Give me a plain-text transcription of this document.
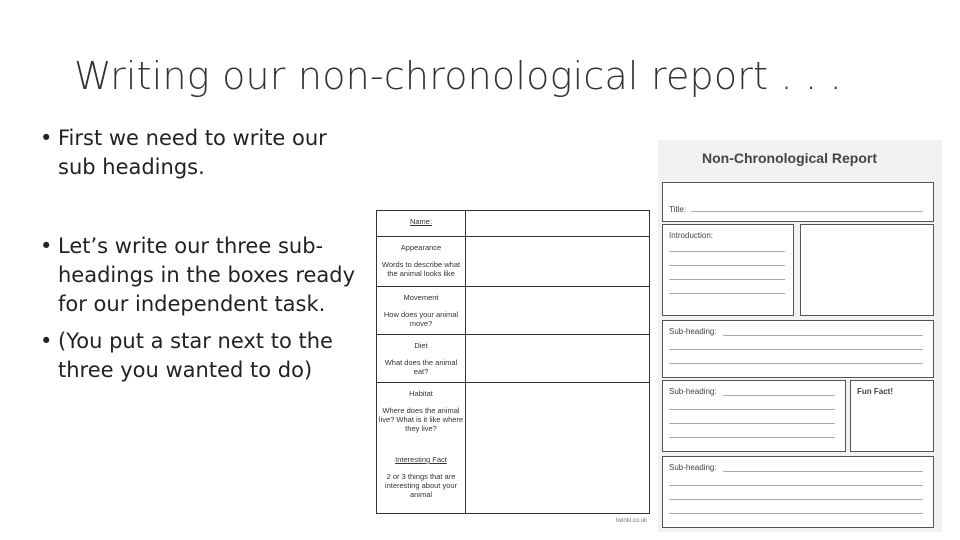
Writing our non-chronological report . . .
• First we need to write our sub headings.
• Let’s write our three sub-headings in the boxes ready for our independent task.
• (You put a star next to the three you wanted to do)
Name:
Appearance
Words to describe what the animal looks like
Movement
How does your animal move?
Diet
What does the animal eat?
Habitat
Where does the animal live? What is it like where they live?
Interesting Fact
2 or 3 things that are interesting about your animal
twinkl.co.uk
Non-Chronological Report
Title:
Introduction:
Sub-heading:
Sub-heading:	Fun Fact!
Sub-heading:
